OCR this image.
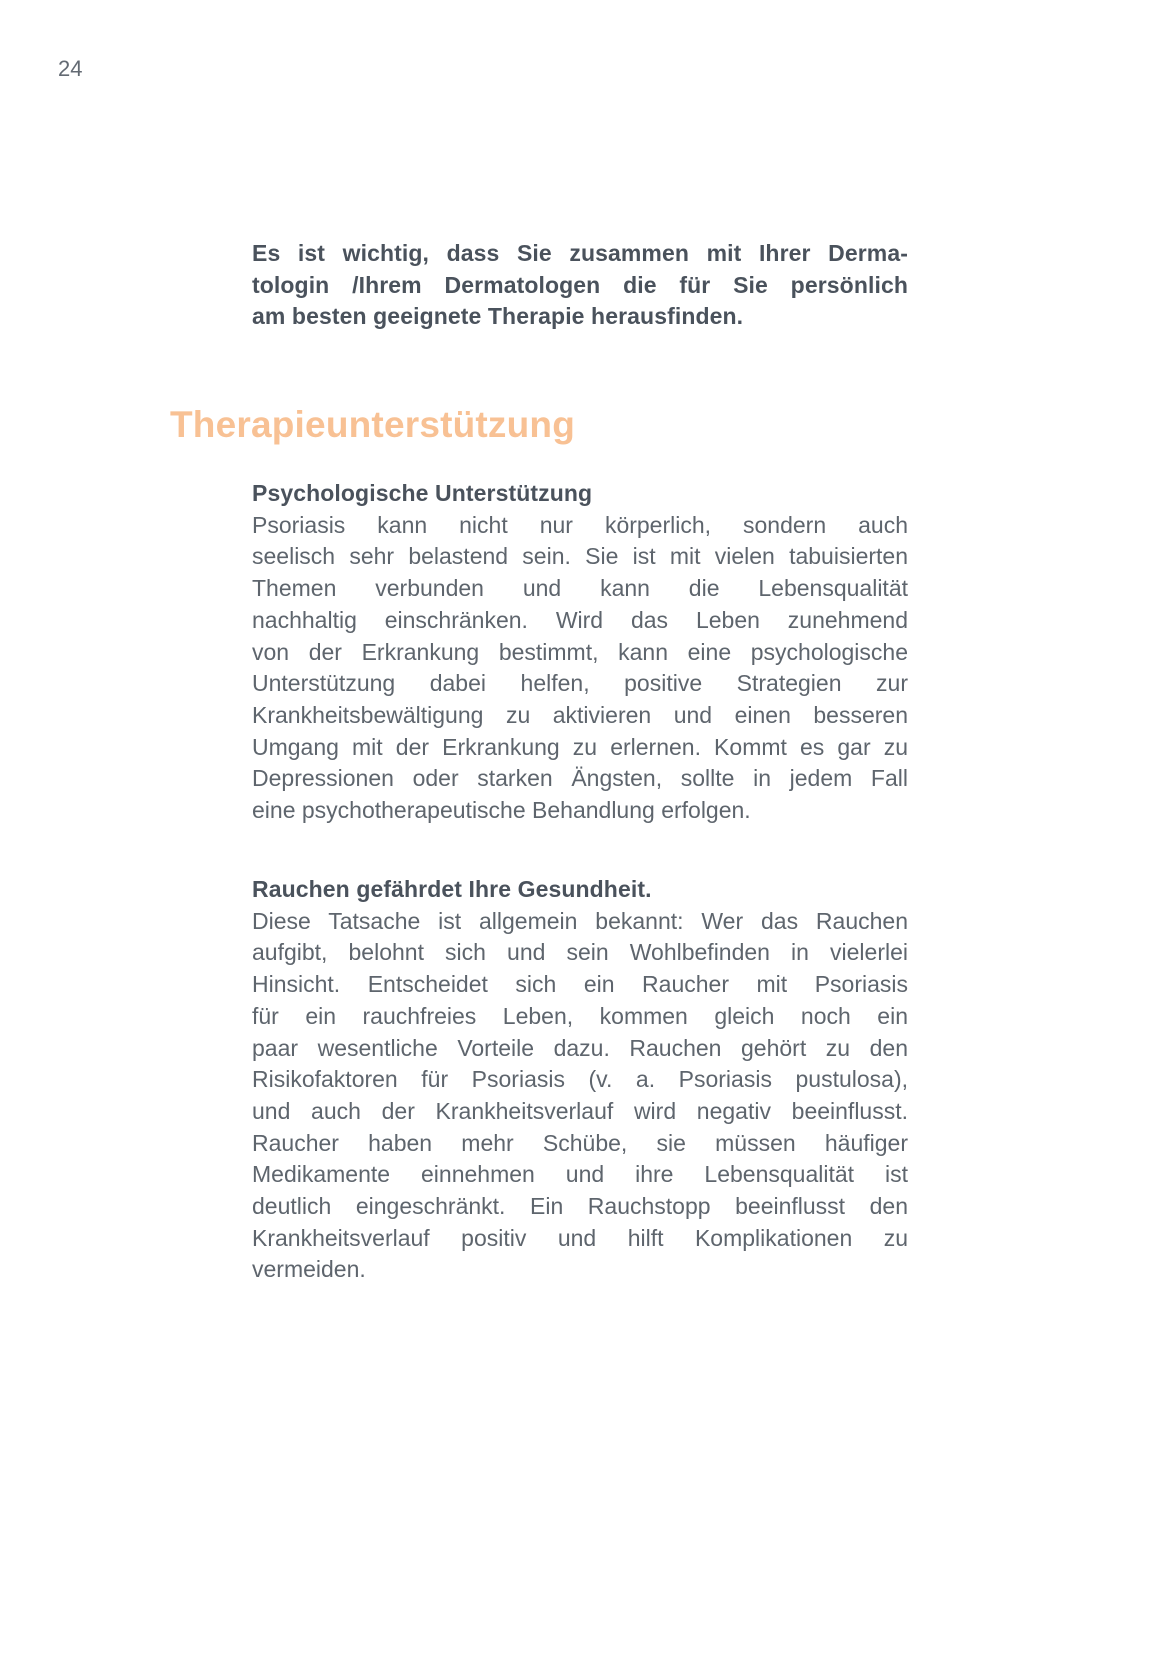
24
Es ist wichtig, dass Sie zusammen mit Ihrer Derma-
tologin /Ihrem Dermatologen die für Sie persönlich
am besten geeignete Therapie herausfinden.
Therapieunterstützung
Psychologische Unterstützung
Psoriasis kann nicht nur körperlich, sondern auch
seelisch sehr belastend sein. Sie ist mit vielen tabuisierten
Themen verbunden und kann die Lebensqualität
nachhaltig einschränken. Wird das Leben zunehmend
von der Erkrankung bestimmt, kann eine psychologische
Unterstützung dabei helfen, positive Strategien zur
Krankheitsbewältigung zu aktivieren und einen besseren
Umgang mit der Erkrankung zu erlernen. Kommt es gar zu
Depressionen oder starken Ängsten, sollte in jedem Fall
eine psychotherapeutische Behandlung erfolgen.
Rauchen gefährdet Ihre Gesundheit.
Diese Tatsache ist allgemein bekannt: Wer das Rauchen
aufgibt, belohnt sich und sein Wohlbefinden in vielerlei
Hinsicht. Entscheidet sich ein Raucher mit Psoriasis
für ein rauchfreies Leben, kommen gleich noch ein
paar wesentliche Vorteile dazu. Rauchen gehört zu den
Risikofaktoren für Psoriasis (v. a. Psoriasis pustulosa),
und auch der Krankheitsverlauf wird negativ beeinflusst.
Raucher haben mehr Schübe, sie müssen häufiger
Medikamente einnehmen und ihre Lebensqualität ist
deutlich eingeschränkt. Ein Rauchstopp beeinflusst den
Krankheitsverlauf positiv und hilft Komplikationen zu
vermeiden.
